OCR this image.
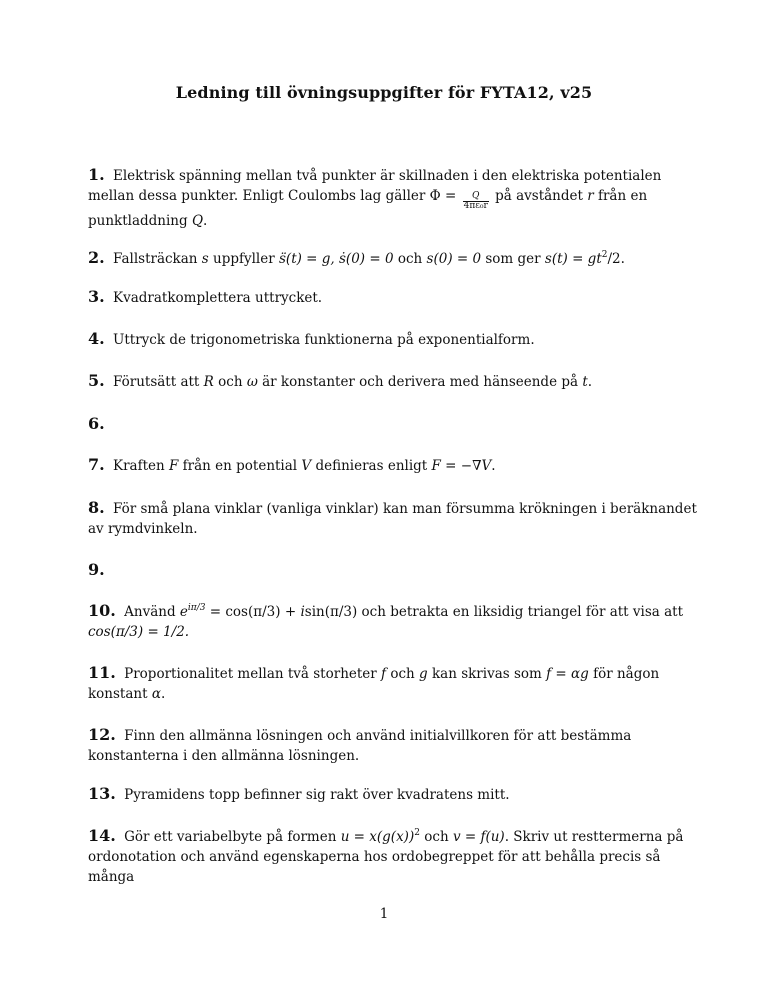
Ledning till övningsuppgifter för FYTA12, v25
1. Elektrisk spänning mellan två punkter är skillnaden i den elektriska potentialen mellan dessa punkter. Enligt Coulombs lag gäller $\Phi = \frac{Q}{\text{4πε₀r}}$ på avståndet r från en punktladdning Q.
2. Fallsträckan s uppfyller s̈(t) = g, ṡ(0) = 0 och s(0) = 0 som ger $s(t) = gt^2/2$.
3. Kvadratkomplettera uttrycket.
4. Uttryck de trigonometriska funktionerna på exponentialform.
5. Förutsätt att R och ω är konstanter och derivera med hänseende på t.
6.
7. Kraften F från en potential V definieras enligt F = −∇V.
8. För små plana vinklar (vanliga vinklar) kan man försumma krökningen i beräknandet av rymdvinkeln.
9.
10. Använd $e^{i\pi/3} = \cos(\pi/3) + isin(\pi/3)$ och betrakta en liksidig triangel för att visa att cos(π/3) = 1/2.
11. Proportionalitet mellan två storheter f och g kan skrivas som f = αg för någon konstant α.
12. Finn den allmänna lösningen och använd initialvillkoren för att bestämma konstanterna i den allmänna lösningen.
13. Pyramidens topp befinner sig rakt över kvadratens mitt.
14. Gör ett variabelbyte på formen $u = x(g(x))^2$ och v = f(u). Skriv ut resttermerna på ordonotation och använd egenskaperna hos ordobegreppet för att behålla precis så många
1
